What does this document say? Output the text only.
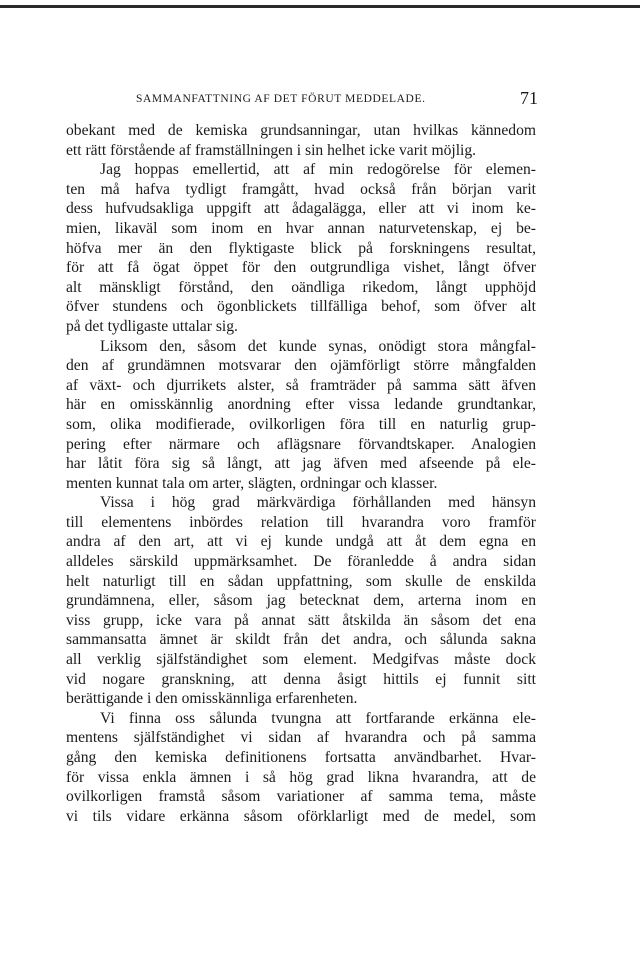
SAMMANFATTNING AF DET FÖRUT MEDDELADE.	71
obekant med de kemiska grundsanningar, utan hvilkas kännedom
ett rätt förstående af framställningen i sin helhet icke varit möjlig.
Jag hoppas emellertid, att af min redogörelse för elemen-
ten må hafva tydligt framgått, hvad också från början varit
dess hufvudsakliga uppgift att ådagalägga, eller att vi inom ke-
mien, likaväl som inom en hvar annan naturvetenskap, ej be-
höfva mer än den flyktigaste blick på forskningens resultat,
för att få ögat öppet för den outgrundliga vishet, långt öfver
alt mänskligt förstånd, den oändliga rikedom, långt upphöjd
öfver stundens och ögonblickets tillfälliga behof, som öfver alt
på det tydligaste uttalar sig.
Liksom den, såsom det kunde synas, onödigt stora mångfal-
den af grundämnen motsvarar den ojämförligt större mångfalden
af växt- och djurrikets alster, så framträder på samma sätt äfven
här en omisskännlig anordning efter vissa ledande grundtankar,
som, olika modifierade, ovilkorligen föra till en naturlig grup-
pering efter närmare och aflägsnare förvandtskaper. Analogien
har låtit föra sig så långt, att jag äfven med afseende på ele-
menten kunnat tala om arter, slägten, ordningar och klasser.
Vissa i hög grad märkvärdiga förhållanden med hänsyn
till elementens inbördes relation till hvarandra voro framför
andra af den art, att vi ej kunde undgå att åt dem egna en
alldeles särskild uppmärksamhet. De föranledde å andra sidan
helt naturligt till en sådan uppfattning, som skulle de enskilda
grundämnena, eller, såsom jag betecknat dem, arterna inom en
viss grupp, icke vara på annat sätt åtskilda än såsom det ena
sammansatta ämnet är skildt från det andra, och sålunda sakna
all verklig själfständighet som element. Medgifvas måste dock
vid nogare granskning, att denna åsigt hittils ej funnit sitt
berättigande i den omisskännliga erfarenheten.
Vi finna oss sålunda tvungna att fortfarande erkänna ele-
mentens själfständighet vi sidan af hvarandra och på samma
gång den kemiska definitionens fortsatta användbarhet. Hvar-
för vissa enkla ämnen i så hög grad likna hvarandra, att de
ovilkorligen framstå såsom variationer af samma tema, måste
vi tils vidare erkänna såsom oförklarligt med de medel, som
